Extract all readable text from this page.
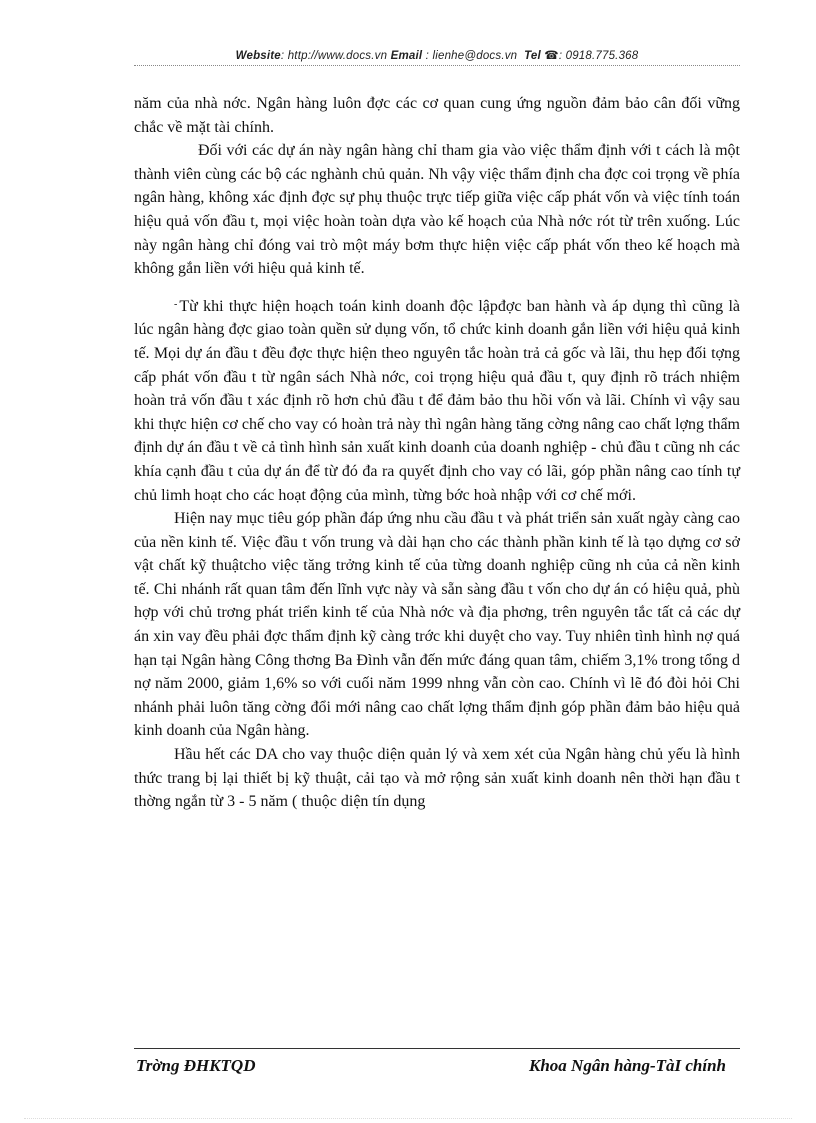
Website: http://www.docs.vn Email : lienhe@docs.vn Tel ☎: 0918.775.368

năm của nhà nớc. Ngân hàng luôn đợc các cơ quan cung ứng nguồn đảm bảo cân đối vững chắc về mặt tài chính.

Đối với các dự án này ngân hàng chỉ tham gia vào việc thẩm định với t cách là một thành viên cùng các bộ các nghành chủ quản. Nh vậy việc thẩm định cha đợc coi trọng về phía ngân hàng, không xác định đợc sự phụ thuộc trực tiếp giữa việc cấp phát vốn và việc tính toán hiệu quả vốn đầu t, mọi việc hoàn toàn dựa vào kế hoạch của Nhà nớc rót từ trên xuống. Lúc này ngân hàng chỉ đóng vai trò một máy bơm thực hiện việc cấp phát vốn theo kế hoạch mà không gắn liền với hiệu quả kinh tế.

- Từ khi thực hiện hoạch toán kinh doanh độc lậpđợc ban hành và áp dụng thì cũng là lúc ngân hàng đợc giao toàn quền sử dụng vốn, tổ chức kinh doanh gắn liền với hiệu quả kinh tế. Mọi dự án đầu t đều đợc thực hiện theo nguyên tắc hoàn trả cả gốc và lãi, thu hẹp đối tợng cấp phát vốn đầu t từ ngân sách Nhà nớc, coi trọng hiệu quả đầu t, quy định rõ trách nhiệm hoàn trả vốn đầu t xác định rõ hơn chủ đầu t để đảm bảo thu hồi vốn và lãi. Chính vì vậy sau khi thực hiện cơ chế cho vay có hoàn trả này thì ngân hàng tăng cờng nâng cao chất lợng thẩm định dự án đầu t về cả tình hình sản xuất kinh doanh của doanh nghiệp - chủ đầu t cũng nh các khía cạnh đầu t của dự án để từ đó đa ra quyết định cho vay có lãi, góp phần nâng cao tính tự chủ limh hoạt cho các hoạt động của mình, từng bớc hoà nhập với cơ chế mới.

Hiện nay mục tiêu góp phần đáp ứng nhu cầu đầu t và phát triển sản xuất ngày càng cao của nền kinh tế. Việc đầu t vốn trung và dài hạn cho các thành phần kinh tế là tạo dựng cơ sở vật chất kỹ thuậtcho việc tăng trởng kinh tế của từng doanh nghiệp cũng nh của cả nền kinh tế. Chi nhánh rất quan tâm đến lĩnh vực này và sẵn sàng đầu t vốn cho dự án có hiệu quả, phù hợp với chủ trơng phát triển kinh tế của Nhà nớc và địa phơng, trên nguyên tắc tất cả các dự án xin vay đều phải đợc thẩm định kỹ càng trớc khi duyệt cho vay. Tuy nhiên tình hình nợ quá hạn tại Ngân hàng Công thơng Ba Đình vẫn đến mức đáng quan tâm, chiếm 3,1% trong tổng d nợ năm 2000, giảm 1,6% so với cuối năm 1999 nhng vẫn còn cao. Chính vì lẽ đó đòi hỏi Chi nhánh phải luôn tăng cờng đổi mới nâng cao chất lợng thẩm định góp phần đảm bảo hiệu quả kinh doanh của Ngân hàng.

Hầu hết các DA cho vay thuộc diện quản lý và xem xét của Ngân hàng chủ yếu là hình thức trang bị lại thiết bị kỹ thuật, cải tạo và mở rộng sản xuất kinh doanh nên thời hạn đầu t thờng ngắn từ 3 - 5 năm ( thuộc diện tín dụng

Trờng ĐHKTQD	Khoa Ngân hàng-TàI chính
